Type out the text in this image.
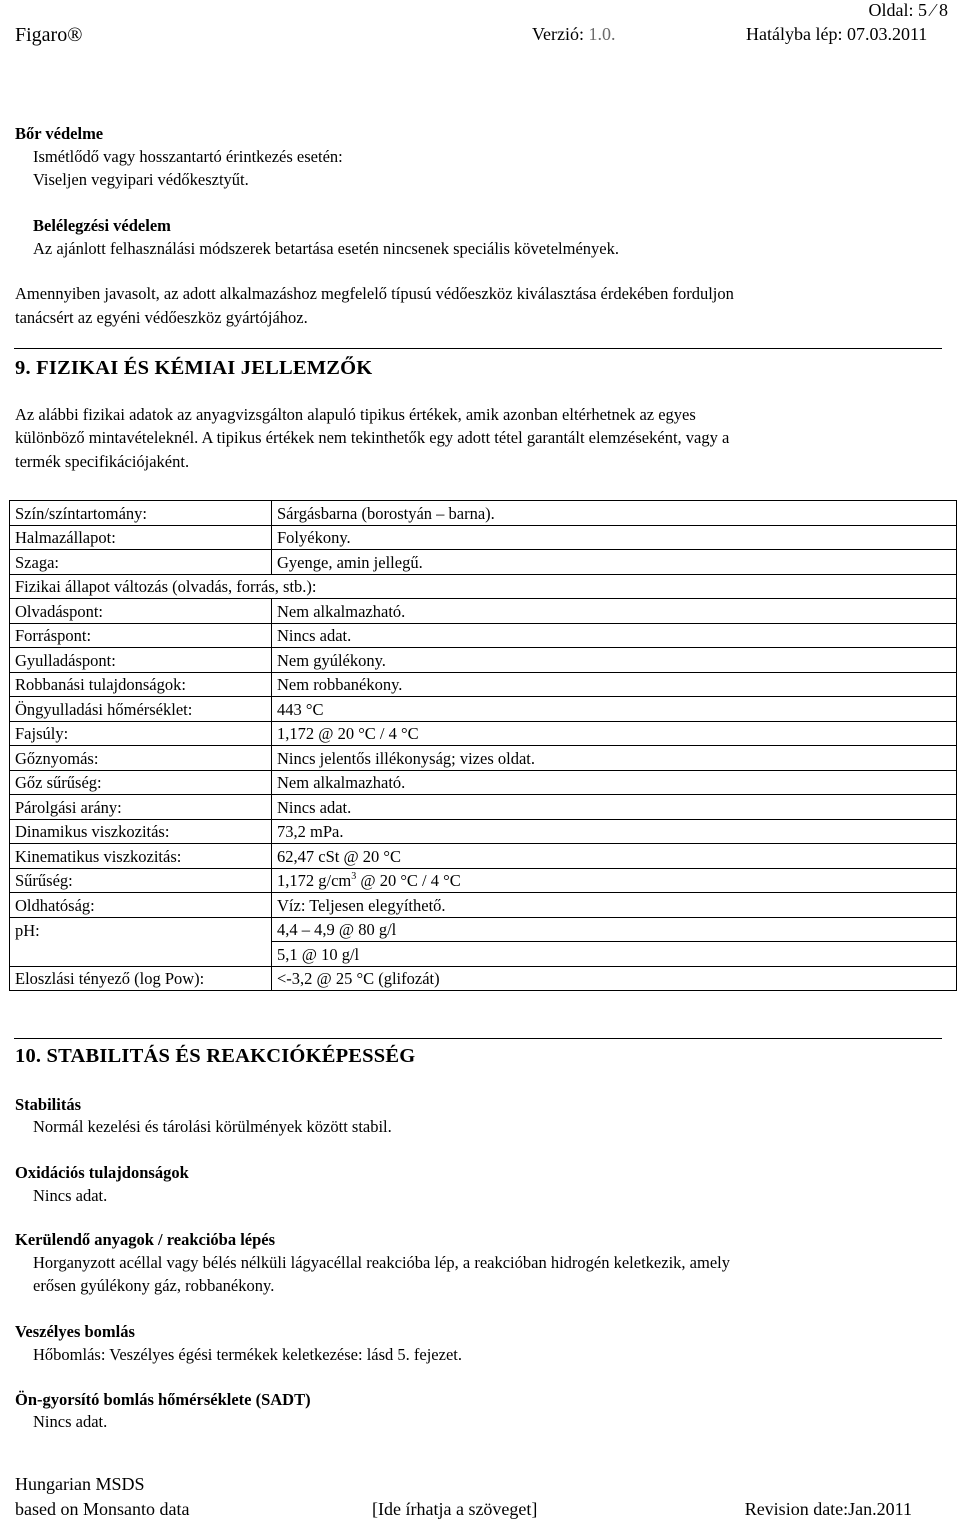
Figaro®
Oldal: 5 ⁄ 8
Verzió: 1.0.	Hatályba lép: 07.03.2011
Bőr védelme
Ismétlődő vagy hosszantartó érintkezés esetén:
Viseljen vegyipari védőkesztyűt.
Belélegzési védelem
Az ajánlott felhasználási módszerek betartása esetén nincsenek speciális követelmények.
Amennyiben javasolt, az adott alkalmazáshoz megfelelő típusú védőeszköz kiválasztása érdekében forduljon
tanácsért az egyéni védőeszköz gyártójához.
9. FIZIKAI ÉS KÉMIAI JELLEMZŐK
Az alábbi fizikai adatok az anyagvizsgálton alapuló tipikus értékek, amik azonban eltérhetnek az egyes
különböző mintavételeknél. A tipikus értékek nem tekinthetők egy adott tétel garantált elemzéseként, vagy a
termék specifikációjaként.
Szín/színtartomány:	Sárgásbarna (borostyán – barna).
Halmazállapot:	Folyékony.
Szaga:	Gyenge, amin jellegű.
Fizikai állapot változás (olvadás, forrás, stb.):	
Olvadáspont:	Nem alkalmazható.
Forráspont:	Nincs adat.
Gyulladáspont:	Nem gyúlékony.
Robbanási tulajdonságok:	Nem robbanékony.
Öngyulladási hőmérséklet:	443 °C
Fajsúly:	1,172 @ 20 °C / 4 °C
Gőznyomás:	Nincs jelentős illékonyság; vizes oldat.
Gőz sűrűség:	Nem alkalmazható.
Párolgási arány:	Nincs adat.
Dinamikus viszkozitás:	73,2 mPa.
Kinematikus viszkozitás:	62,47 cSt @ 20 °C
Sűrűség:	1,172 $g/cm^3$ @ 20 °C / 4 °C
Oldhatóság:	Víz: Teljesen elegyíthető.
pH:	4,4 – 4,9 @ 80 g/l
	5,1 @ 10 g/l
Eloszlási tényező (log Pow):	<-3,2 @ 25 °C (glifozát)
10. STABILITÁS ÉS REAKCIÓKÉPESSÉG
Stabilitás
Normál kezelési és tárolási körülmények között stabil.
Oxidációs tulajdonságok
Nincs adat.
Kerülendő anyagok / reakcióba lépés
Horganyzott acéllal vagy bélés nélküli lágyacéllal reakcióba lép, a reakcióban hidrogén keletkezik, amely
erősen gyúlékony gáz, robbanékony.
Veszélyes bomlás
Hőbomlás: Veszélyes égési termékek keletkezése: lásd 5. fejezet.
Ön-gyorsító bomlás hőmérséklete (SADT)
Nincs adat.
Hungarian MSDS
based on Monsanto data	[Ide írhatja a szöveget]	Revision date:Jan.2011
